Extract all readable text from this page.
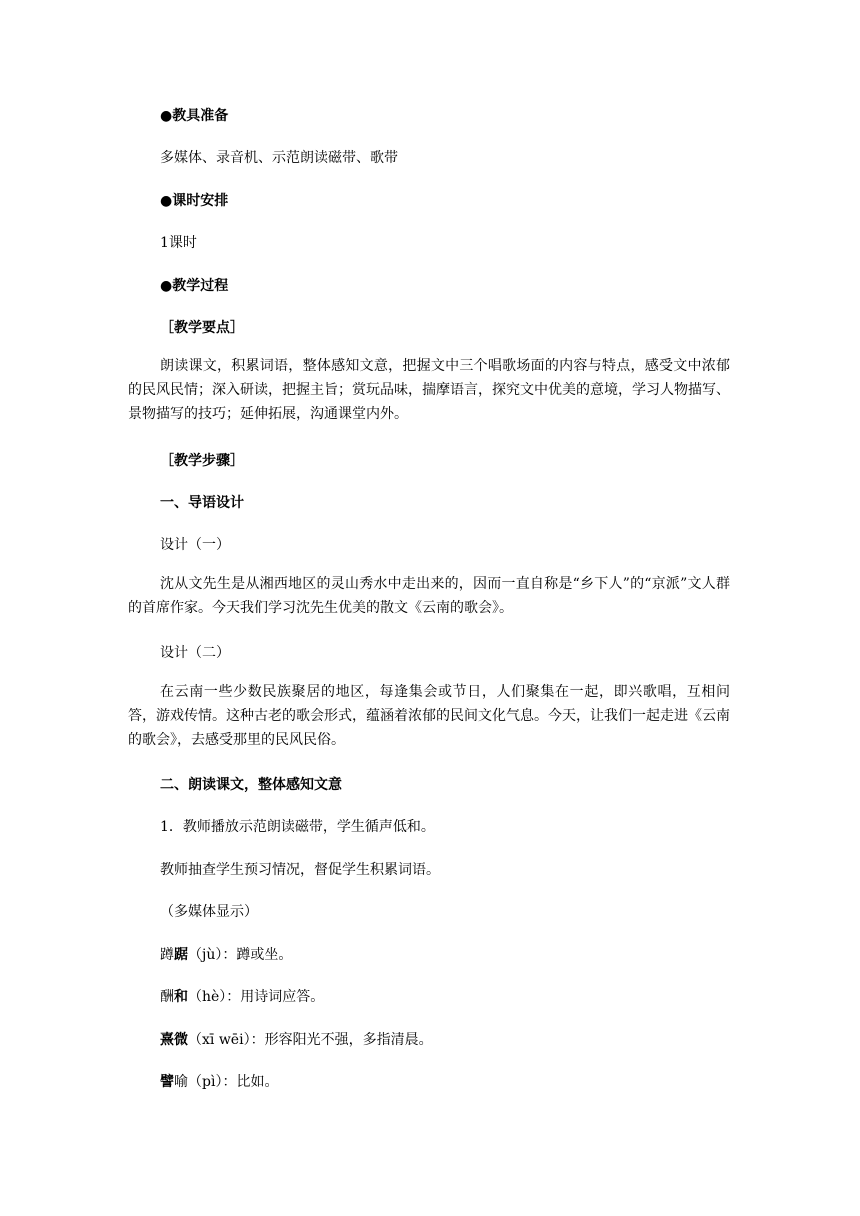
●教具准备

多媒体、录音机、示范朗读磁带、歌带

●课时安排

1课时

●教学过程

［教学要点］

朗读课文，积累词语，整体感知文意，把握文中三个唱歌场面的内容与特点，感受文中浓郁的民风民情；深入研读，把握主旨；赏玩品味，揣摩语言，探究文中优美的意境，学习人物描写、景物描写的技巧；延伸拓展，沟通课堂内外。

［教学步骤］

一、导语设计

设计（一）

沈从文先生是从湘西地区的灵山秀水中走出来的，因而一直自称是“乡下人”的“京派”文人群的首席作家。今天我们学习沈先生优美的散文《云南的歌会》。

设计（二）

在云南一些少数民族聚居的地区，每逢集会或节日，人们聚集在一起，即兴歌唱，互相问答，游戏传情。这种古老的歌会形式，蕴涵着浓郁的民间文化气息。今天，让我们一起走进《云南的歌会》，去感受那里的民风民俗。

二、朗读课文，整体感知文意

1．教师播放示范朗读磁带，学生循声低和。

教师抽查学生预习情况，督促学生积累词语。

（多媒体显示）

蹲踞（jù）：蹲或坐。

酬和（hè）：用诗词应答。

熹微（xī wēi）：形容阳光不强，多指清晨。

譬喻（pì）：比如。
